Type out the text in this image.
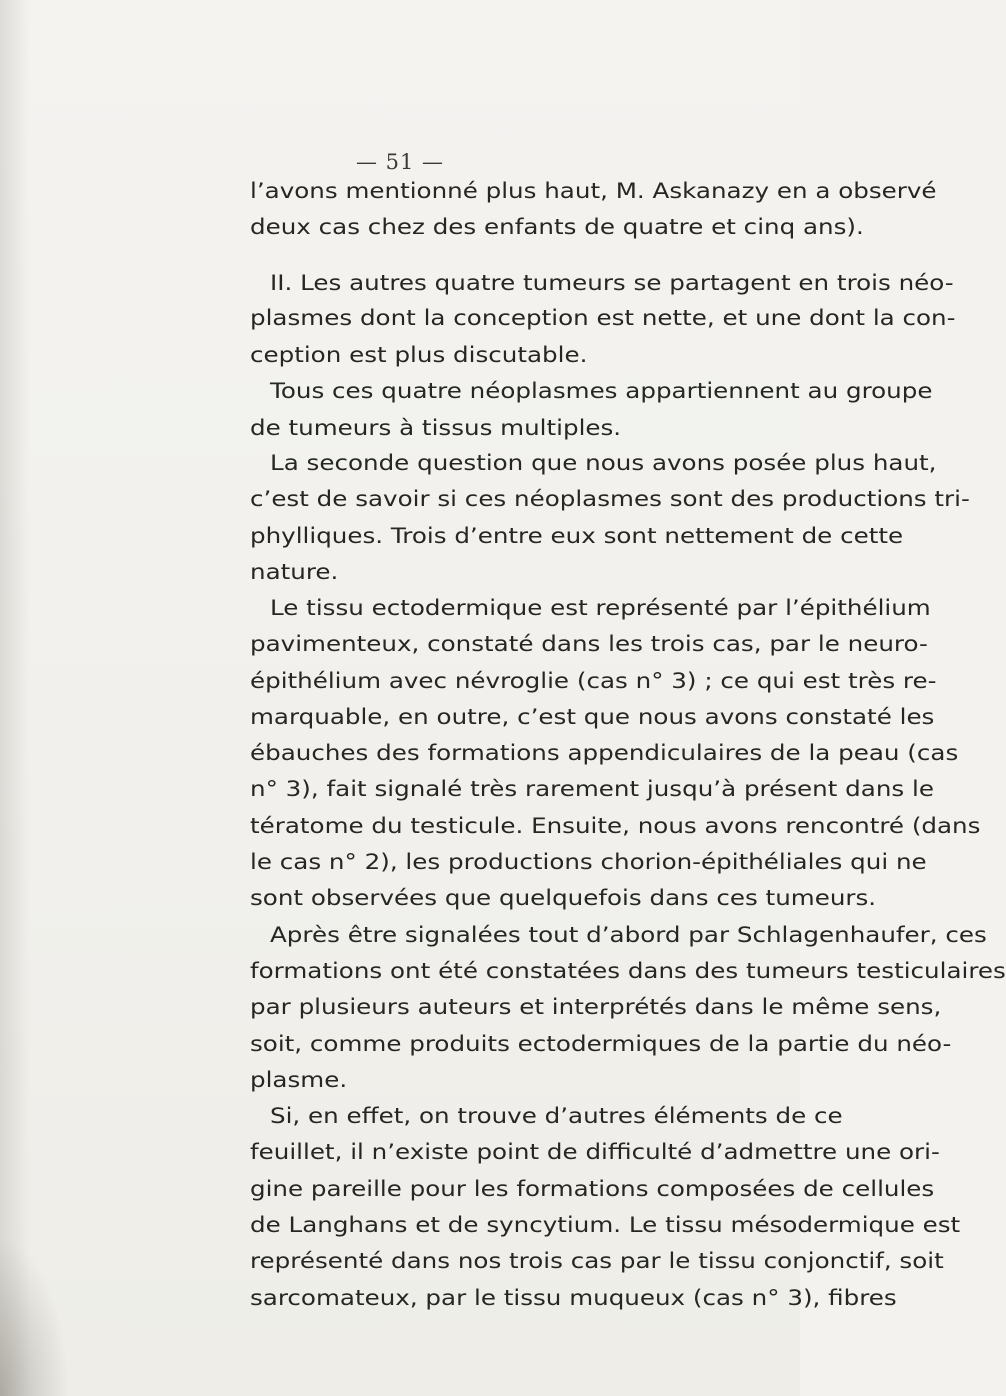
— 51 —
l’avons mentionné plus haut, M. Askanazy en a observé
deux cas chez des enfants de quatre et cinq ans).
II. Les autres quatre tumeurs se partagent en trois néo-
plasmes dont la conception est nette, et une dont la con-
ception est plus discutable.
Tous ces quatre néoplasmes appartiennent au groupe
de tumeurs à tissus multiples.
La seconde question que nous avons posée plus haut,
c’est de savoir si ces néoplasmes sont des productions tri-
phylliques. Trois d’entre eux sont nettement de cette
nature.
Le tissu ectodermique est représenté par l’épithélium
pavimenteux, constaté dans les trois cas, par le neuro-
épithélium avec névroglie (cas n° 3) ; ce qui est très re-
marquable, en outre, c’est que nous avons constaté les
ébauches des formations appendiculaires de la peau (cas
n° 3), fait signalé très rarement jusqu’à présent dans le
tératome du testicule. Ensuite, nous avons rencontré (dans
le cas n° 2), les productions chorion-épithéliales qui ne
sont observées que quelquefois dans ces tumeurs.
Après être signalées tout d’abord par Schlagenhaufer, ces
formations ont été constatées dans des tumeurs testiculaires
par plusieurs auteurs et interprétés dans le même sens,
soit, comme produits ectodermiques de la partie du néo-
plasme.
Si, en effet, on trouve d’autres éléments de ce
feuillet, il n’existe point de difficulté d’admettre une ori-
gine pareille pour les formations composées de cellules
de Langhans et de syncytium. Le tissu mésodermique est
représenté dans nos trois cas par le tissu conjonctif, soit
sarcomateux, par le tissu muqueux (cas n° 3), fibres
